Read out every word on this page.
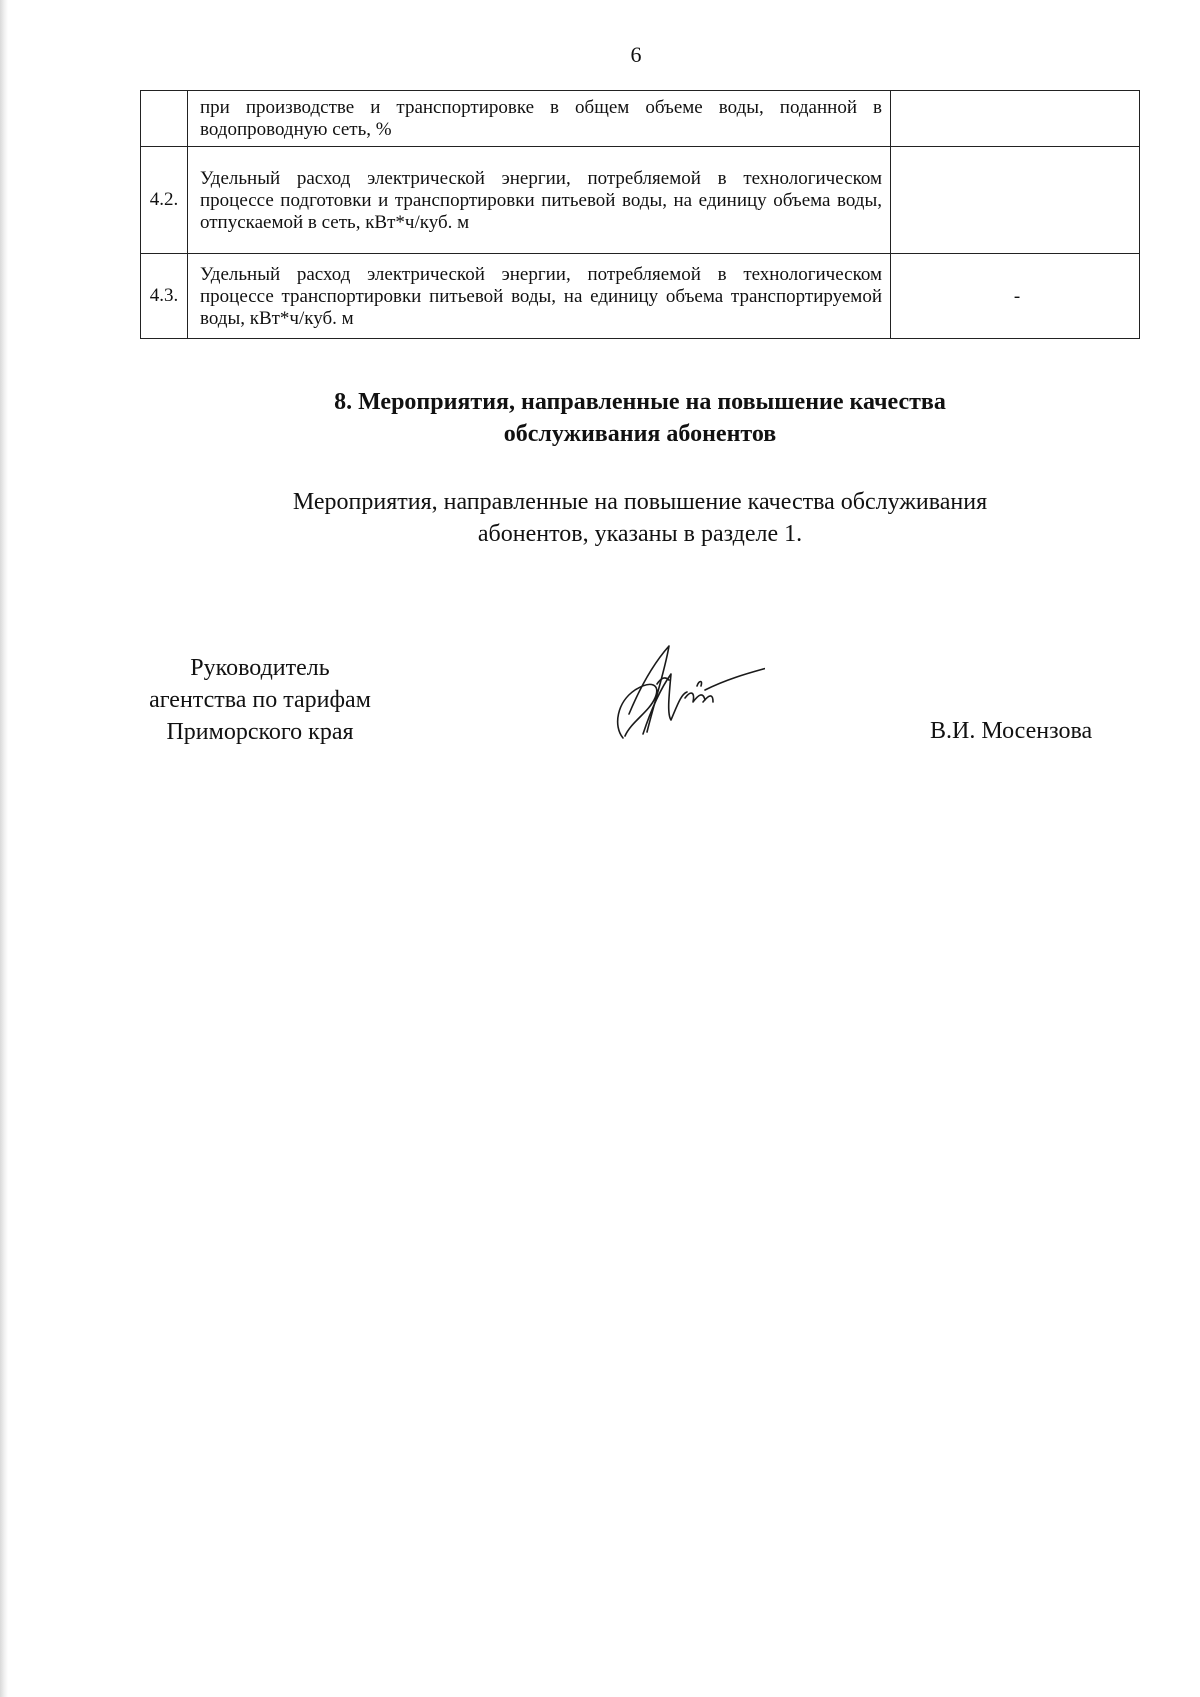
6
	при производстве и транспортировке в общем объеме воды, поданной в водопроводную сеть, %	
4.2.	Удельный расход электрической энергии, потребляемой в технологическом процессе подготовки и транспортировки питьевой воды, на единицу объема воды, отпускаемой в сеть, кВт*ч/куб. м	
4.3.	Удельный расход электрической энергии, потребляемой в технологическом процессе транспортировки питьевой воды, на единицу объема транспортируемой воды, кВт*ч/куб. м	-
8. Мероприятия, направленные на повышение качества
обслуживания абонентов
Мероприятия, направленные на повышение качества обслуживания
абонентов, указаны в разделе 1.
Руководитель
агентства по тарифам
Приморского края	В.И. Мосензова
